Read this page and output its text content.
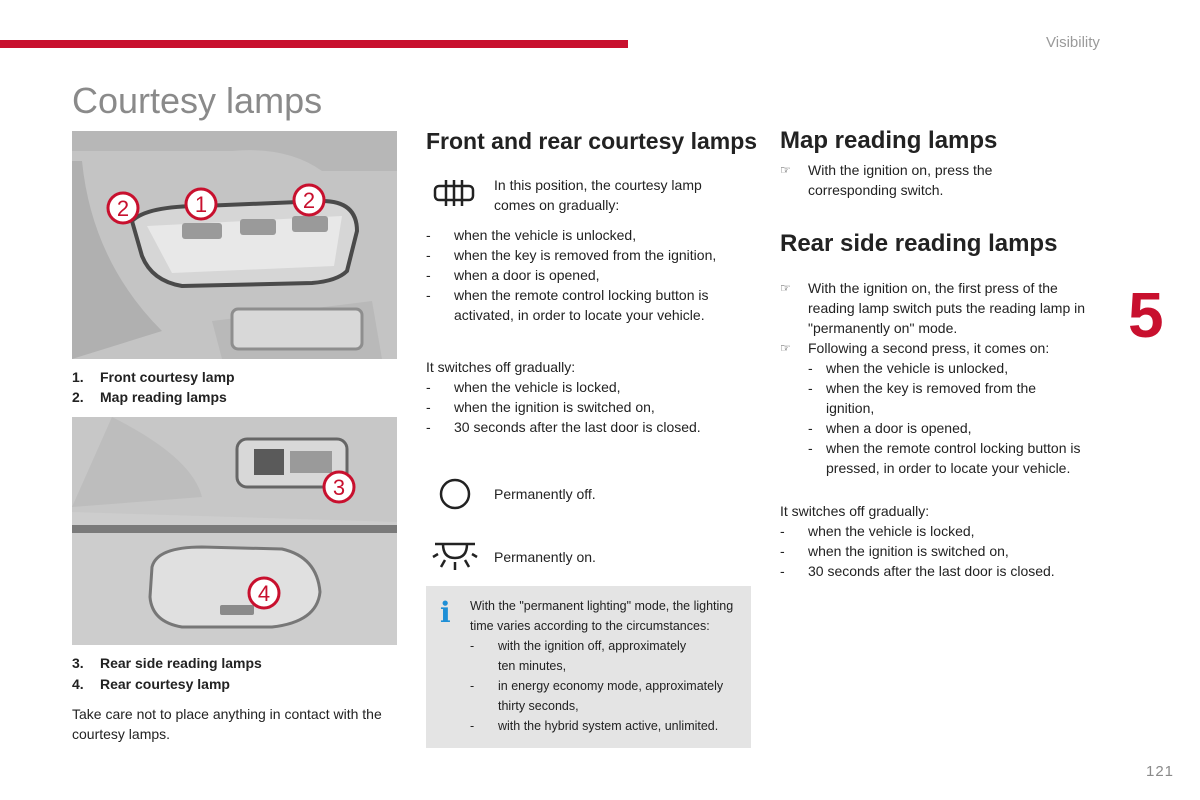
Visibility
Courtesy lamps
5
121
2	1	2
1. Front courtesy lamp
2. Map reading lamps
3
4
3. Rear side reading lamps
4. Rear courtesy lamp
Take care not to place anything in contact with the courtesy lamps.
Front and rear courtesy lamps
In this position, the courtesy lamp comes on gradually:
-	when the vehicle is unlocked,
-	when the key is removed from the ignition,
-	when a door is opened,
-	when the remote control locking button is activated, in order to locate your vehicle.
It switches off gradually:
-	when the vehicle is locked,
-	when the ignition is switched on,
-	30 seconds after the last door is closed.
Permanently off.
Permanently on.
i With the "permanent lighting" mode, the lighting time varies according to the circumstances:
-	with the ignition off, approximately ten minutes,
-	in energy economy mode, approximately thirty seconds,
-	with the hybrid system active, unlimited.
Map reading lamps
☞	With the ignition on, press the corresponding switch.
Rear side reading lamps
☞	With the ignition on, the first press of the reading lamp switch puts the reading lamp in "permanently on" mode.
☞	Following a second press, it comes on:
- when the vehicle is unlocked,
- when the key is removed from the ignition,
- when a door is opened,
- when the remote control locking button is pressed, in order to locate your vehicle.
It switches off gradually:
-	when the vehicle is locked,
-	when the ignition is switched on,
-	30 seconds after the last door is closed.
